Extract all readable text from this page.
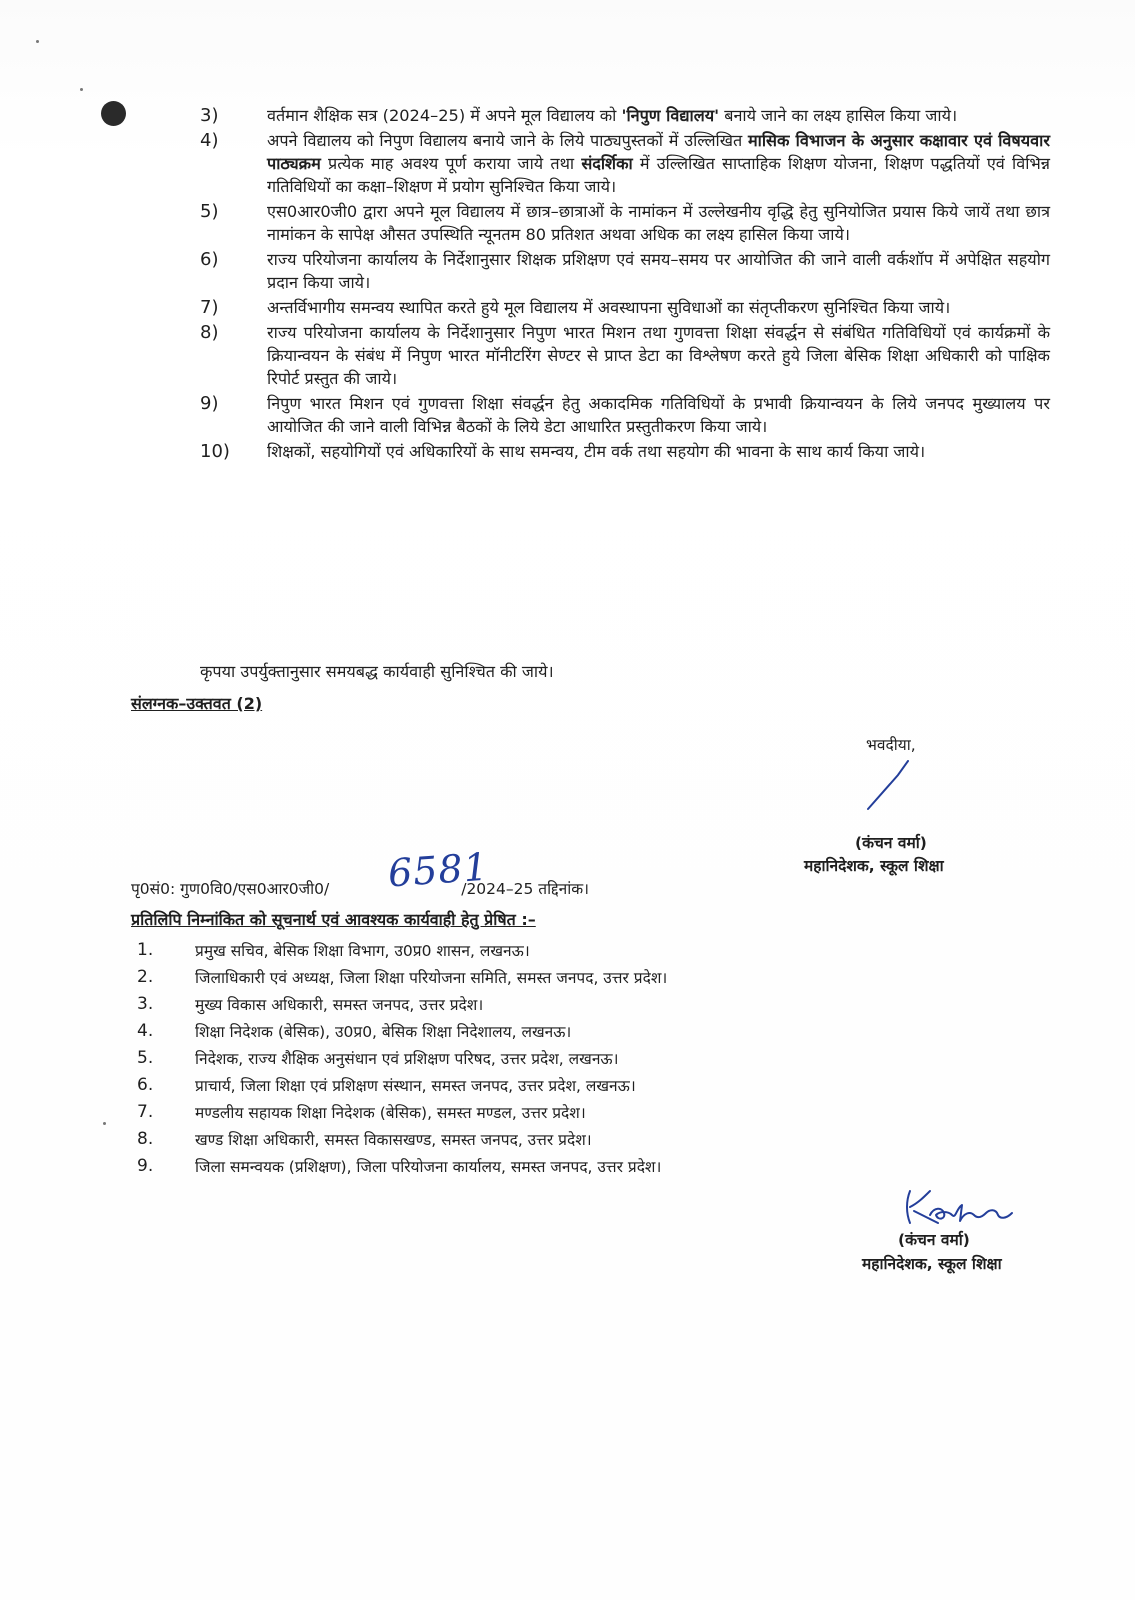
3)	वर्तमान शैक्षिक सत्र (2024–25) में अपने मूल विद्यालय को 'निपुण विद्यालय' बनाये जाने का लक्ष्य हासिल किया जाये।
4)	अपने विद्यालय को निपुण विद्यालय बनाये जाने के लिये पाठ्यपुस्तकों में उल्लिखित मासिक विभाजन के अनुसार कक्षावार एवं विषयवार पाठ्यक्रम प्रत्येक माह अवश्य पूर्ण कराया जाये तथा संदर्शिका में उल्लिखित साप्ताहिक शिक्षण योजना, शिक्षण पद्धतियों एवं विभिन्न गतिविधियों का कक्षा–शिक्षण में प्रयोग सुनिश्चित किया जाये।
5)	एस0आर0जी0 द्वारा अपने मूल विद्यालय में छात्र–छात्राओं के नामांकन में उल्लेखनीय वृद्धि हेतु सुनियोजित प्रयास किये जायें तथा छात्र नामांकन के सापेक्ष औसत उपस्थिति न्यूनतम 80 प्रतिशत अथवा अधिक का लक्ष्य हासिल किया जाये।
6)	राज्य परियोजना कार्यालय के निर्देशानुसार शिक्षक प्रशिक्षण एवं समय–समय पर आयोजित की जाने वाली वर्कशॉप में अपेक्षित सहयोग प्रदान किया जाये।
7)	अन्तर्विभागीय समन्वय स्थापित करते हुये मूल विद्यालय में अवस्थापना सुविधाओं का संतृप्तीकरण सुनिश्चित किया जाये।
8)	राज्य परियोजना कार्यालय के निर्देशानुसार निपुण भारत मिशन तथा गुणवत्ता शिक्षा संवर्द्धन से संबंधित गतिविधियों एवं कार्यक्रमों के क्रियान्वयन के संबंध में निपुण भारत मॉनीटरिंग सेण्टर से प्राप्त डेटा का विश्लेषण करते हुये जिला बेसिक शिक्षा अधिकारी को पाक्षिक रिपोर्ट प्रस्तुत की जाये।
9)	निपुण भारत मिशन एवं गुणवत्ता शिक्षा संवर्द्धन हेतु अकादमिक गतिविधियों के प्रभावी क्रियान्वयन के लिये जनपद मुख्यालय पर आयोजित की जाने वाली विभिन्न बैठकों के लिये डेटा आधारित प्रस्तुतीकरण किया जाये।
10)	शिक्षकों, सहयोगियों एवं अधिकारियों के साथ समन्वय, टीम वर्क तथा सहयोग की भावना के साथ कार्य किया जाये।
कृपया उपर्युक्तानुसार समयबद्ध कार्यवाही सुनिश्चित की जाये।
संलग्नक–उक्तवत (2)
भवदीया,
(कंचन वर्मा)
महानिदेशक, स्कूल शिक्षा
पृ0सं0: गुण0वि0/एस0आर0जी0/	/2024–25 तद्दिनांक।
6581
प्रतिलिपि निम्नांकित को सूचनार्थ एवं आवश्यक कार्यवाही हेतु प्रेषित :–
1.	प्रमुख सचिव, बेसिक शिक्षा विभाग, उ0प्र0 शासन, लखनऊ।
2.	जिलाधिकारी एवं अध्यक्ष, जिला शिक्षा परियोजना समिति, समस्त जनपद, उत्तर प्रदेश।
3.	मुख्य विकास अधिकारी, समस्त जनपद, उत्तर प्रदेश।
4.	शिक्षा निदेशक (बेसिक), उ0प्र0, बेसिक शिक्षा निदेशालय, लखनऊ।
5.	निदेशक, राज्य शैक्षिक अनुसंधान एवं प्रशिक्षण परिषद, उत्तर प्रदेश, लखनऊ।
6.	प्राचार्य, जिला शिक्षा एवं प्रशिक्षण संस्थान, समस्त जनपद, उत्तर प्रदेश, लखनऊ।
7.	मण्डलीय सहायक शिक्षा निदेशक (बेसिक), समस्त मण्डल, उत्तर प्रदेश।
8.	खण्ड शिक्षा अधिकारी, समस्त विकासखण्ड, समस्त जनपद, उत्तर प्रदेश।
9.	जिला समन्वयक (प्रशिक्षण), जिला परियोजना कार्यालय, समस्त जनपद, उत्तर प्रदेश।
(कंचन वर्मा)
महानिदेशक, स्कूल शिक्षा
